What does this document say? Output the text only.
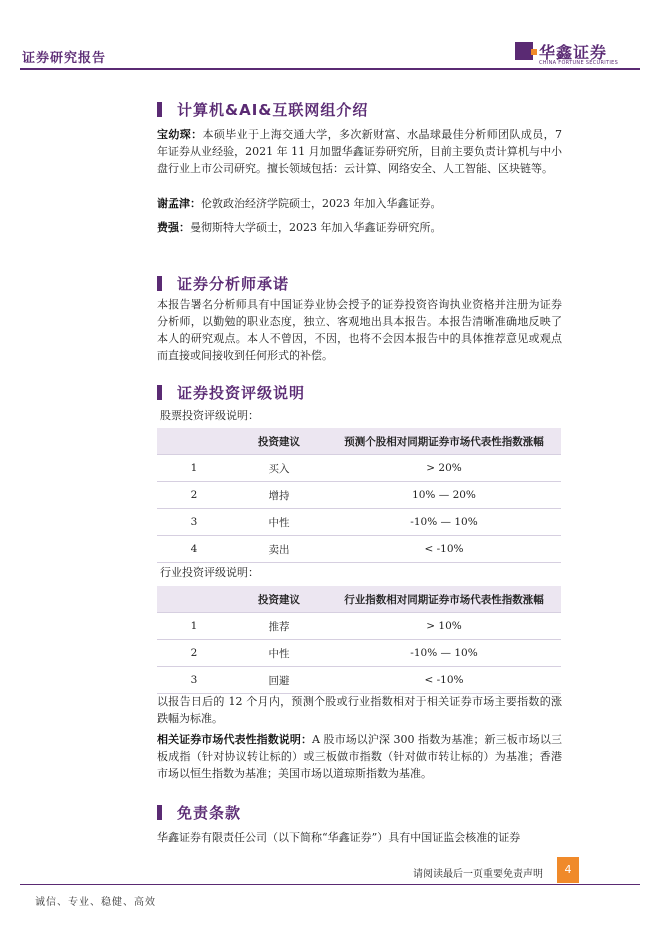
证券研究报告	华鑫证券
CHINA FORTUNE SECURITIES
计算机&AI&互联网组介绍
宝幼琛：本硕毕业于上海交通大学，多次新财富、水晶球最佳分析师团队成员，7 年证券从业经验，2021 年 11 月加盟华鑫证券研究所，目前主要负责计算机与中小盘行业上市公司研究。擅长领域包括：云计算、网络安全、人工智能、区块链等。
谢孟津：伦敦政治经济学院硕士，2023 年加入华鑫证券。
费强：曼彻斯特大学硕士，2023 年加入华鑫证券研究所。
证券分析师承诺
本报告署名分析师具有中国证券业协会授予的证券投资咨询执业资格并注册为证券分析师，以勤勉的职业态度，独立、客观地出具本报告。本报告清晰准确地反映了本人的研究观点。本人不曾因，不因，也将不会因本报告中的具体推荐意见或观点而直接或间接收到任何形式的补偿。
证券投资评级说明
股票投资评级说明：
	投资建议	预测个股相对同期证券市场代表性指数涨幅
1	买入	> 20%
2	增持	10% — 20%
3	中性	-10% — 10%
4	卖出	< -10%
行业投资评级说明：
	投资建议	行业指数相对同期证券市场代表性指数涨幅
1	推荐	> 10%
2	中性	-10% — 10%
3	回避	< -10%
以报告日后的 12 个月内，预测个股或行业指数相对于相关证券市场主要指数的涨跌幅为标准。
相关证券市场代表性指数说明：A 股市场以沪深 300 指数为基准；新三板市场以三板成指（针对协议转让标的）或三板做市指数（针对做市转让标的）为基准；香港市场以恒生指数为基准；美国市场以道琼斯指数为基准。
免责条款
华鑫证券有限责任公司（以下简称“华鑫证券”）具有中国证监会核准的证券
请阅读最后一页重要免责声明	4
诚信、专业、稳健、高效
